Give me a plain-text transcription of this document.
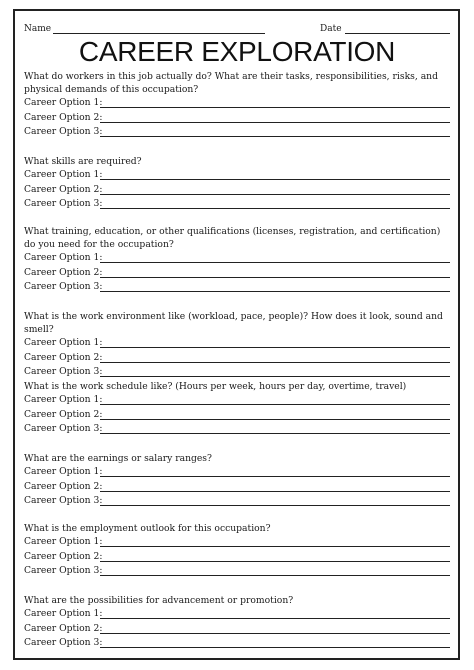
Name	Date
CAREER EXPLORATION

What do workers in this job actually do? What are their tasks, responsibilities, risks, and physical demands of this occupation?

Career Option 1:
Career Option 2:
Career Option 3:

What skills are required?

Career Option 1:
Career Option 2:
Career Option 3:

What training, education, or other qualifications (licenses, registration, and certification) do you need for the occupation?

Career Option 1:
Career Option 2:
Career Option 3:

What is the work environment like (workload, pace, people)? How does it look, sound and smell?

Career Option 1:
Career Option 2:
Career Option 3:

What is the work schedule like? (Hours per week, hours per day, overtime, travel)

Career Option 1:
Career Option 2:
Career Option 3:

What are the earnings or salary ranges?

Career Option 1:
Career Option 2:
Career Option 3:

What is the employment outlook for this occupation?

Career Option 1:
Career Option 2:
Career Option 3:

What are the possibilities for advancement or promotion?

Career Option 1:
Career Option 2:
Career Option 3:
